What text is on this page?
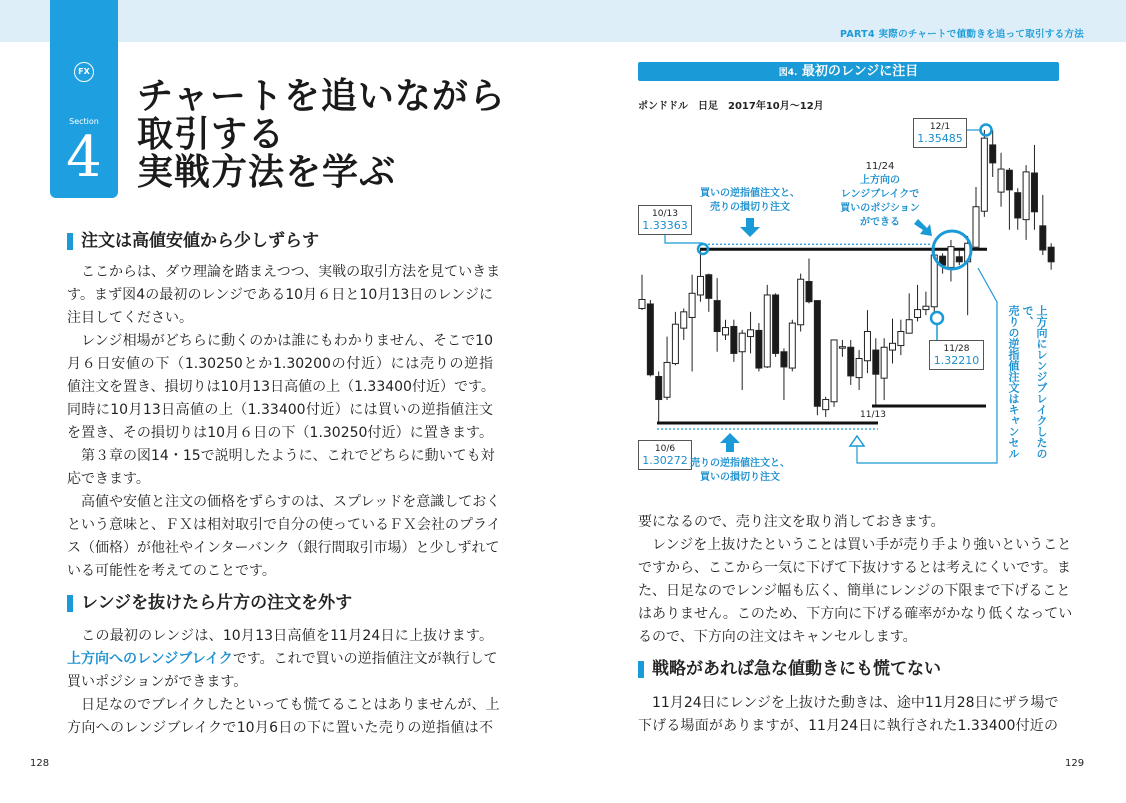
PART4 実際のチャートで値動きを追って取引する方法
FX
Section
4
チャートを追いながら
取引する
実戦方法を学ぶ
注文は高値安値から少しずらす
　ここからは、ダウ理論を踏まえつつ、実戦の取引方法を見ていきま
す。まず図4の最初のレンジである10月６日と10月13日のレンジに
注目してください。
　レンジ相場がどちらに動くのかは誰にもわかりません、そこで10
月６日安値の下（1.30250とか1.30200の付近）には売りの逆指
値注文を置き、損切りは10月13日高値の上（1.33400付近）です。
同時に10月13日高値の上（1.33400付近）には買いの逆指値注文
を置き、その損切りは10月６日の下（1.30250付近）に置きます。
　第３章の図14・15で説明したように、これでどちらに動いても対
応できます。
　高値や安値と注文の価格をずらすのは、スプレッドを意識しておく
という意味と、ＦＸは相対取引で自分の使っているＦＸ会社のプライ
ス（価格）が他社やインターバンク（銀行間取引市場）と少しずれて
いる可能性を考えてのことです。
レンジを抜けたら片方の注文を外す
　この最初のレンジは、10月13日高値を11月24日に上抜けます。
上方向へのレンジブレイクです。これで買いの逆指値注文が執行して
買いポジションができます。
　日足なのでブレイクしたといっても慌てることはありませんが、上
方向へのレンジブレイクで10月6日の下に置いた売りの逆指値は不
128
図4. 最初のレンジに注目
ポンドドル　日足　2017年10月〜12月
12/1
1.35485
10/13
1.33363
11/28
1.32210
10/6
1.30272
11/13
買いの逆指値注文と、
売りの損切り注文
売りの逆指値注文と、
買いの損切り注文
11/24
上方向の
レンジブレイクで
買いのポジション
ができる
上方向にレンジブレイクしたので、
売りの逆指値注文はキャンセル
要になるので、売り注文を取り消しておきます。
　レンジを上抜けたということは買い手が売り手より強いということ
ですから、ここから一気に下げて下抜けするとは考えにくいです。ま
た、日足なのでレンジ幅も広く、簡単にレンジの下限まで下げること
はありません。このため、下方向に下げる確率がかなり低くなってい
るので、下方向の注文はキャンセルします。
戦略があれば急な値動きにも慌てない
　11月24日にレンジを上抜けた動きは、途中11月28日にザラ場で
下げる場面がありますが、11月24日に執行された1.33400付近の
129
